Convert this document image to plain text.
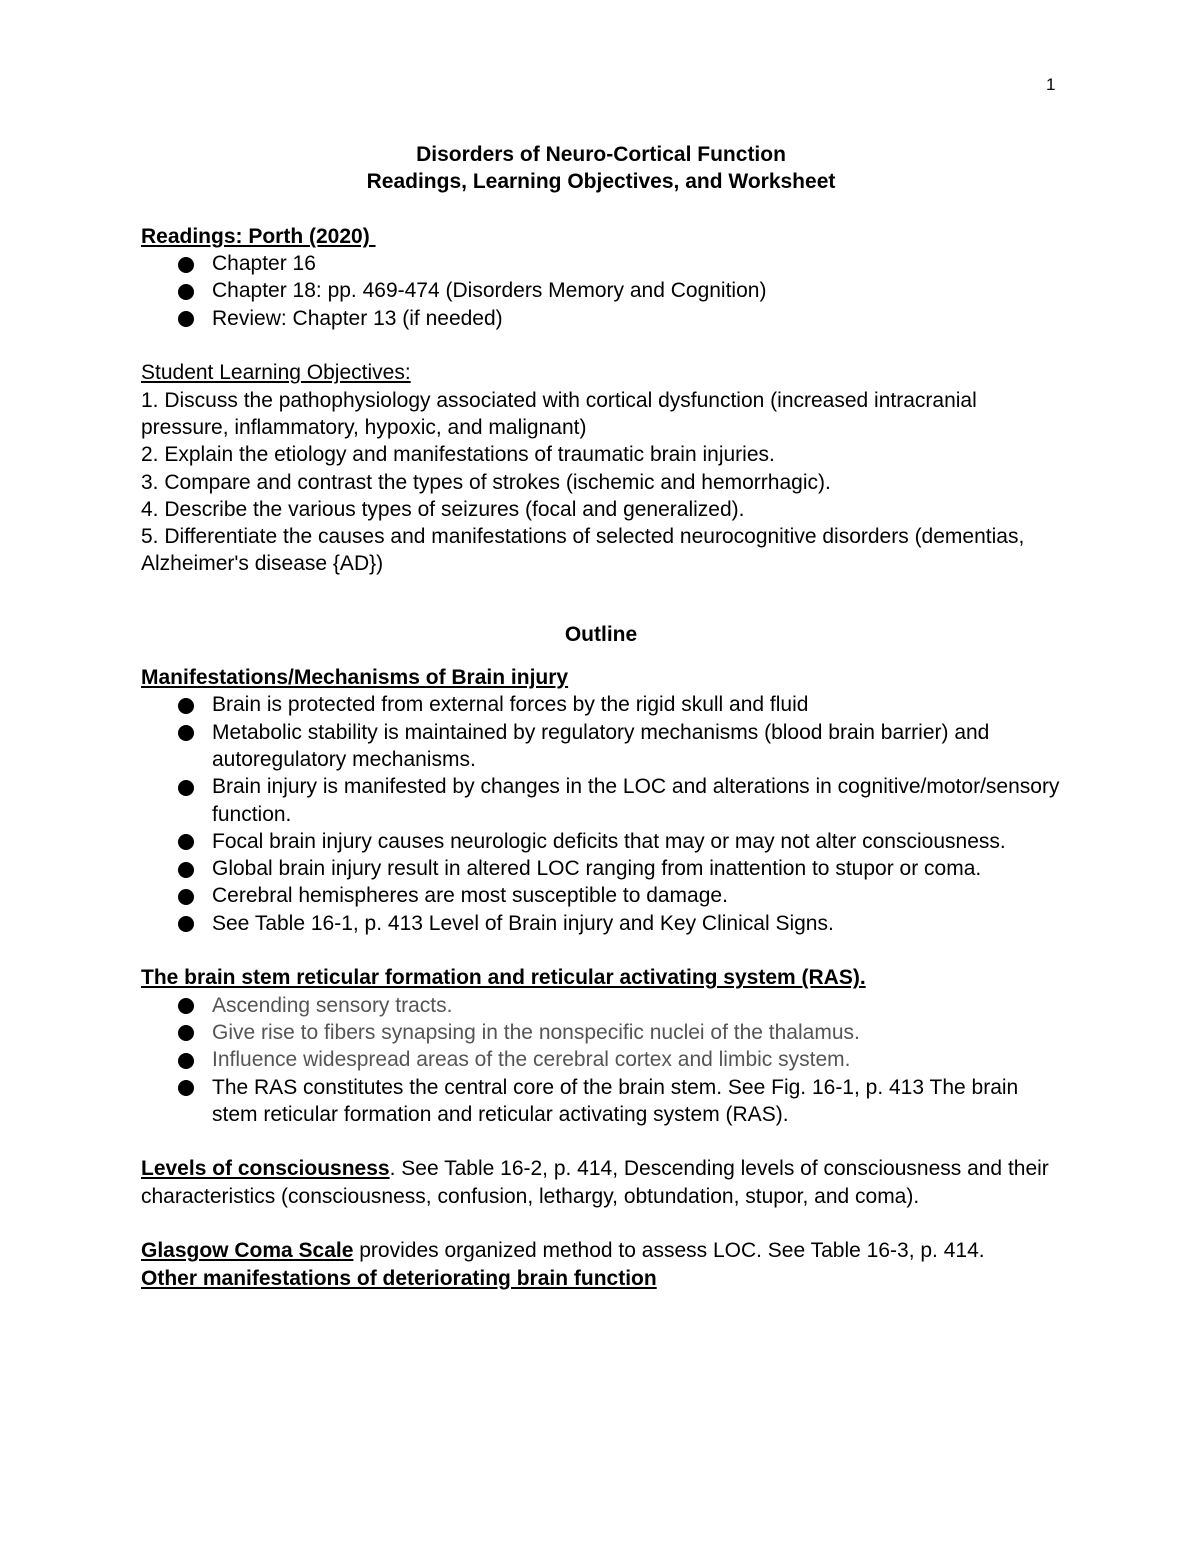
1
Disorders of Neuro-Cortical Function
Readings, Learning Objectives, and Worksheet
Readings: Porth (2020)
Chapter 16
Chapter 18: pp. 469-474 (Disorders Memory and Cognition)
Review: Chapter 13 (if needed)
Student Learning Objectives:

1. Discuss the pathophysiology associated with cortical dysfunction (increased intracranial pressure, inflammatory, hypoxic, and malignant)

2. Explain the etiology and manifestations of traumatic brain injuries.

3. Compare and contrast the types of strokes (ischemic and hemorrhagic).

4. Describe the various types of seizures (focal and generalized).

5. Differentiate the causes and manifestations of selected neurocognitive disorders (dementias, Alzheimer's disease {AD})

Outline
Manifestations/Mechanisms of Brain injury
Brain is protected from external forces by the rigid skull and fluid
Metabolic stability is maintained by regulatory mechanisms (blood brain barrier) and autoregulatory mechanisms.
Brain injury is manifested by changes in the LOC and alterations in cognitive/motor/sensory function.
Focal brain injury causes neurologic deficits that may or may not alter consciousness.
Global brain injury result in altered LOC ranging from inattention to stupor or coma.
Cerebral hemispheres are most susceptible to damage.
See Table 16-1, p. 413 Level of Brain injury and Key Clinical Signs.
The brain stem reticular formation and reticular activating system (RAS).
Ascending sensory tracts.
Give rise to fibers synapsing in the nonspecific nuclei of the thalamus.
Influence widespread areas of the cerebral cortex and limbic system.
The RAS constitutes the central core of the brain stem. See Fig. 16-1, p. 413 The brain stem reticular formation and reticular activating system (RAS).

Levels of consciousness. See Table 16-2, p. 414, Descending levels of consciousness and their characteristics (consciousness, confusion, lethargy, obtundation, stupor, and coma).

Glasgow Coma Scale provides organized method to assess LOC. See Table 16-3, p. 414.

Other manifestations of deteriorating brain function
